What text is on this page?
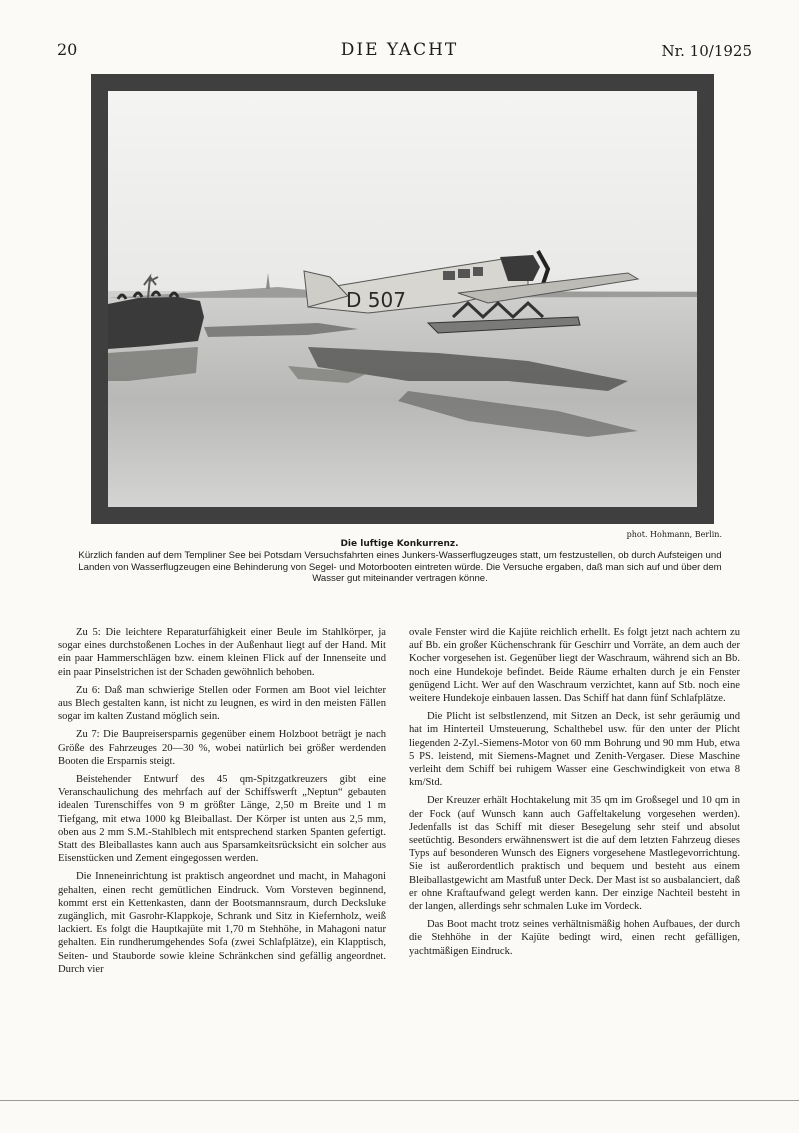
20	DIE YACHT	Nr. 10/1925
D 507
phot. Hohmann, Berlin.
Die luftige Konkurrenz.
Kürzlich fanden auf dem Templiner See bei Potsdam Versuchsfahrten eines Junkers-Wasserflugzeuges statt, um festzustellen, ob durch Aufsteigen und Landen von Wasserflugzeugen eine Behinderung von Segel- und Motorbooten eintreten würde. Die Versuche ergaben, daß man sich auf und über dem Wasser gut miteinander vertragen könne.

Zu 5: Die leichtere Reparaturfähigkeit einer Beule im Stahlkörper, ja sogar eines durchstoßenen Loches in der Außenhaut liegt auf der Hand. Mit ein paar Hammerschlägen bzw. einem kleinen Flick auf der Innenseite und ein paar Pinselstrichen ist der Schaden gewöhnlich behoben.

Zu 6: Daß man schwierige Stellen oder Formen am Boot viel leichter aus Blech gestalten kann, ist nicht zu leugnen, es wird in den meisten Fällen sogar im kalten Zustand möglich sein.

Zu 7: Die Baupreisersparnis gegenüber einem Holzboot beträgt je nach Größe des Fahrzeuges 20—30 %, wobei natürlich bei größer werdenden Booten die Ersparnis steigt.

Beistehender Entwurf des 45 qm-Spitzgatkreuzers gibt eine Veranschaulichung des mehrfach auf der Schiffswerft „Neptun“ gebauten idealen Turenschiffes von 9 m größter Länge, 2,50 m Breite und 1 m Tiefgang, mit etwa 1000 kg Bleiballast. Der Körper ist unten aus 2,5 mm, oben aus 2 mm S.M.-Stahlblech mit entsprechend starken Spanten gefertigt. Statt des Bleiballastes kann auch aus Sparsamkeitsrücksicht ein solcher aus Eisenstücken und Zement eingegossen werden.

Die Inneneinrichtung ist praktisch angeordnet und macht, in Mahagoni gehalten, einen recht gemütlichen Eindruck. Vom Vorsteven beginnend, kommt erst ein Kettenkasten, dann der Bootsmannsraum, durch Deckslukе zugänglich, mit Gasrohr-Klappkoje, Schrank und Sitz in Kiefernholz, weiß lackiert. Es folgt die Hauptkajüte mit 1,70 m Stehhöhe, in Mahagoni natur gehalten. Ein rundherumgehendes Sofa (zwei Schlafplätze), ein Klapptisch, Seiten- und Stauborde sowie kleine Schränkchen sind gefällig angeordnet. Durch vier

ovale Fenster wird die Kajüte reichlich erhellt. Es folgt jetzt nach achtern zu auf Bb. ein großer Küchenschrank für Geschirr und Vorräte, an dem auch der Kocher vorgesehen ist. Gegenüber liegt der Waschraum, während sich an Bb. noch eine Hundekoje befindet. Beide Räume erhalten durch je ein Fenster genügend Licht. Wer auf den Waschraum verzichtet, kann auf Stb. noch eine weitere Hundekoje einbauen lassen. Das Schiff hat dann fünf Schlafplätze.

Die Plicht ist selbstlenzend, mit Sitzen an Deck, ist sehr geräumig und hat im Hinterteil Umsteuerung, Schalthebel usw. für den unter der Plicht liegenden 2-Zyl.-Siemens-Motor von 60 mm Bohrung und 90 mm Hub, etwa 5 PS. leistend, mit Siemens-Magnet und Zenith-Vergaser. Diese Maschine verleiht dem Schiff bei ruhigem Wasser eine Geschwindigkeit von etwa 8 km/Std.

Der Kreuzer erhält Hochtakelung mit 35 qm im Großsegel und 10 qm in der Fock (auf Wunsch kann auch Gaffeltakelung vorgesehen werden). Jedenfalls ist das Schiff mit dieser Besegelung sehr steif und absolut seetüchtig. Besonders erwähnenswert ist die auf dem letzten Fahrzeug dieses Typs auf besonderen Wunsch des Eigners vorgesehene Mastlegevorrichtung. Sie ist außerordentlich praktisch und bequem und besteht aus einem Bleiballastgewicht am Mastfuß unter Deck. Der Mast ist so ausbalanciert, daß er ohne Kraftaufwand gelegt werden kann. Der einzige Nachteil besteht in der langen, allerdings sehr schmalen Luke im Vordeck.

Das Boot macht trotz seines verhältnismäßig hohen Aufbaues, der durch die Stehhöhe in der Kajüte bedingt wird, einen recht gefälligen, yachtmäßigen Eindruck.
